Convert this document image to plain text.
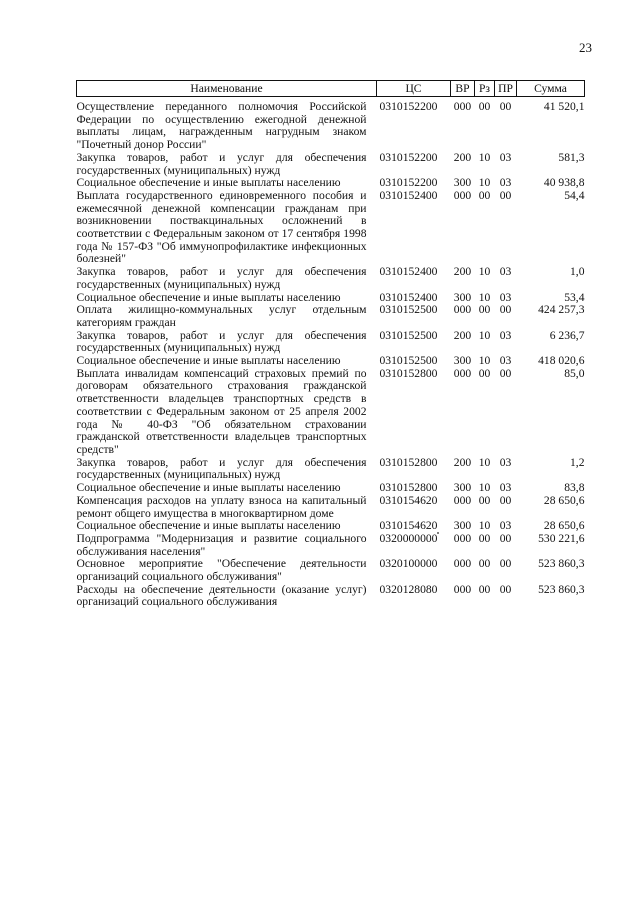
23
Наименование	ЦС	ВР	Рз	ПР	Сумма
Осуществление переданного полномочия Российской Федерации по осуществлению ежегодной денежной выплаты лицам, награжденным нагрудным знаком "Почетный донор России"	0310152200	000	00	00	41 520,1
Закупка товаров, работ и услуг для обеспечения государственных (муниципальных) нужд	0310152200	200	10	03	581,3
Социальное обеспечение и иные выплаты населению	0310152200	300	10	03	40 938,8
Выплата государственного единовременного пособия и ежемесячной денежной компенсации гражданам при возникновении поствакцинальных осложнений в соответствии с Федеральным законом от 17 сентября 1998 года № 157-ФЗ "Об иммунопрофилактике инфекционных болезней"	0310152400	000	00	00	54,4
Закупка товаров, работ и услуг для обеспечения государственных (муниципальных) нужд	0310152400	200	10	03	1,0
Социальное обеспечение и иные выплаты населению	0310152400	300	10	03	53,4
Оплата жилищно-коммунальных услуг отдельным категориям граждан	0310152500	000	00	00	424 257,3
Закупка товаров, работ и услуг для обеспечения государственных (муниципальных) нужд	0310152500	200	10	03	6 236,7
Социальное обеспечение и иные выплаты населению	0310152500	300	10	03	418 020,6
Выплата инвалидам компенсаций страховых премий по договорам обязательного страхования гражданской ответственности владельцев транспортных средств в соответствии с Федеральным законом от 25 апреля 2002 года № 40-ФЗ "Об обязательном страховании гражданской ответственности владельцев транспортных средств"	0310152800	000	00	00	85,0
Закупка товаров, работ и услуг для обеспечения государственных (муниципальных) нужд	0310152800	200	10	03	1,2
Социальное обеспечение и иные выплаты населению	0310152800	300	10	03	83,8
Компенсация расходов на уплату взноса на капитальный ремонт общего имущества в многоквартирном доме	0310154620	000	00	00	28 650,6
Социальное обеспечение и иные выплаты населению	0310154620	300	10	03	28 650,6
Подпрограмма "Модернизация и развитие социального обслуживания населения"	0320000000	000	00	00	530 221,6
Основное мероприятие "Обеспечение деятельности организаций социального обслуживания"	0320100000	000	00	00	523 860,3
Расходы на обеспечение деятельности (оказание услуг) организаций социального обслуживания	0320128080	000	00	00	523 860,3
